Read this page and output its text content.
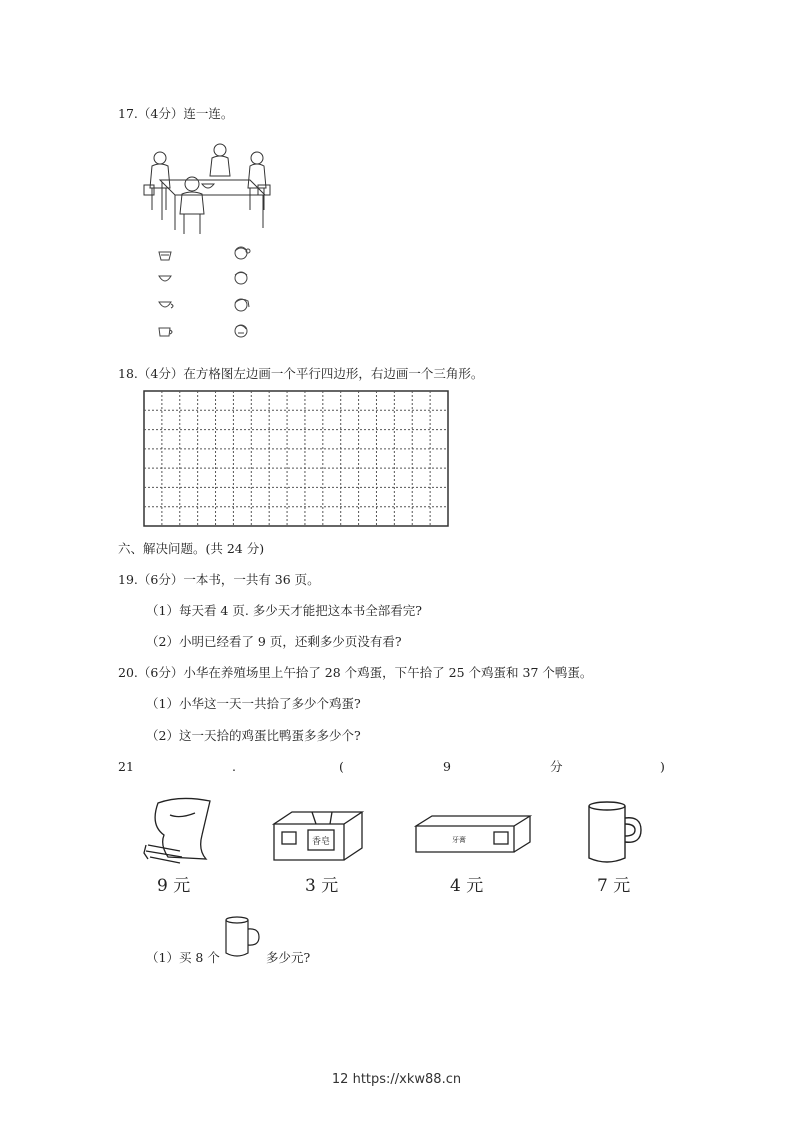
17.（4分）连一连。
18.（4分）在方格图左边画一个平行四边形，右边画一个三角形。
六、解决问题。(共 24 分)
19.（6分）一本书，一共有 36 页。
（1）每天看 4 页. 多少天才能把这本书全部看完?
（2）小明已经看了 9 页，还剩多少页没有看?
20.（6分）小华在养殖场里上午拾了 28 个鸡蛋，下午拾了 25 个鸡蛋和 37 个鸭蛋。
（1）小华这一天一共拾了多少个鸡蛋?
（2）这一天拾的鸡蛋比鸭蛋多多少个?
21	.	(	9	分	)
9 元
香皂
3 元
牙膏
4 元	7 元
（1）买 8 个	多少元?
12 https://xkw88.cn
